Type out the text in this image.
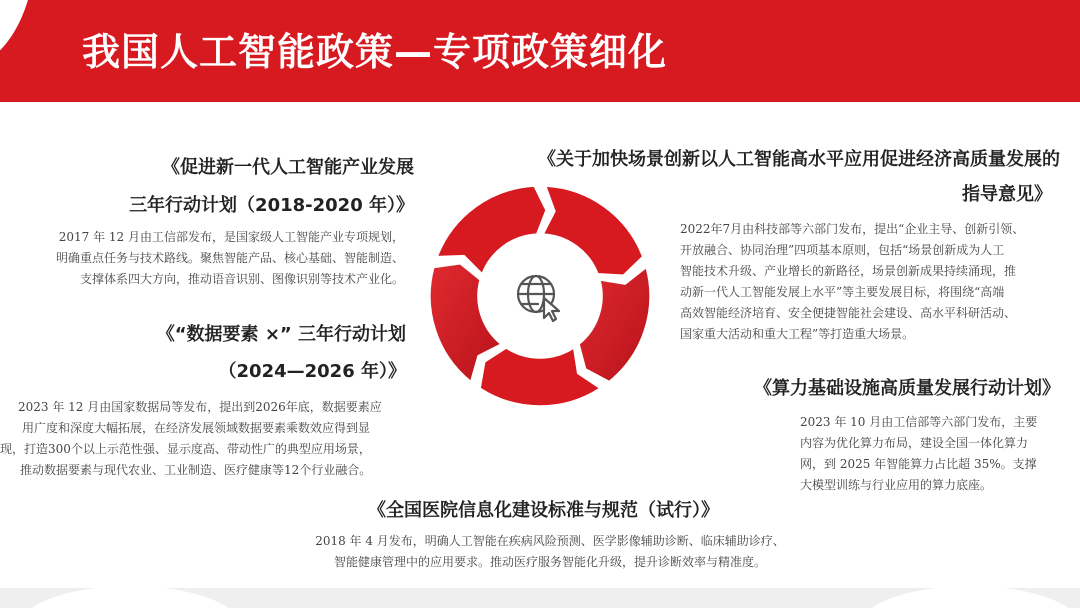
我国人工智能政策—专项政策细化
《促进新一代人工智能产业发展
三年行动计划（2018-2020 年）》
2017 年 12 月由工信部发布，是国家级人工智能产业专项规划，
明确重点任务与技术路线。聚焦智能产品、核心基础、智能制造、
支撑体系四大方向，推动语音识别、图像识别等技术产业化。
《“数据要素 ×” 三年行动计划
（2024—2026 年）》
2023 年 12 月由国家数据局等发布，提出到2026年底，数据要素应
用广度和深度大幅拓展，在经济发展领域数据要素乘数效应得到显
现，打造300个以上示范性强、显示度高、带动性广的典型应用场景，
推动数据要素与现代农业、工业制造、医疗健康等12个行业融合。
《关于加快场景创新以人工智能高水平应用促进经济高质量发展的
指导意见》
2022年7月由科技部等六部门发布，提出“企业主导、创新引领、
开放融合、协同治理”四项基本原则，包括“场景创新成为人工
智能技术升级、产业增长的新路径，场景创新成果持续涌现，推
动新一代人工智能发展上水平”等主要发展目标，将围绕“高端
高效智能经济培育、安全便捷智能社会建设、高水平科研活动、
国家重大活动和重大工程”等打造重大场景。
《算力基础设施高质量发展行动计划》
2023 年 10 月由工信部等六部门发布，主要
内容为优化算力布局，建设全国一体化算力
网，到 2025 年智能算力占比超 35%。支撑
大模型训练与行业应用的算力底座。
《全国医院信息化建设标准与规范（试行）》
2018 年 4 月发布，明确人工智能在疾病风险预测、医学影像辅助诊断、临床辅助诊疗、
智能健康管理中的应用要求。推动医疗服务智能化升级，提升诊断效率与精准度。
